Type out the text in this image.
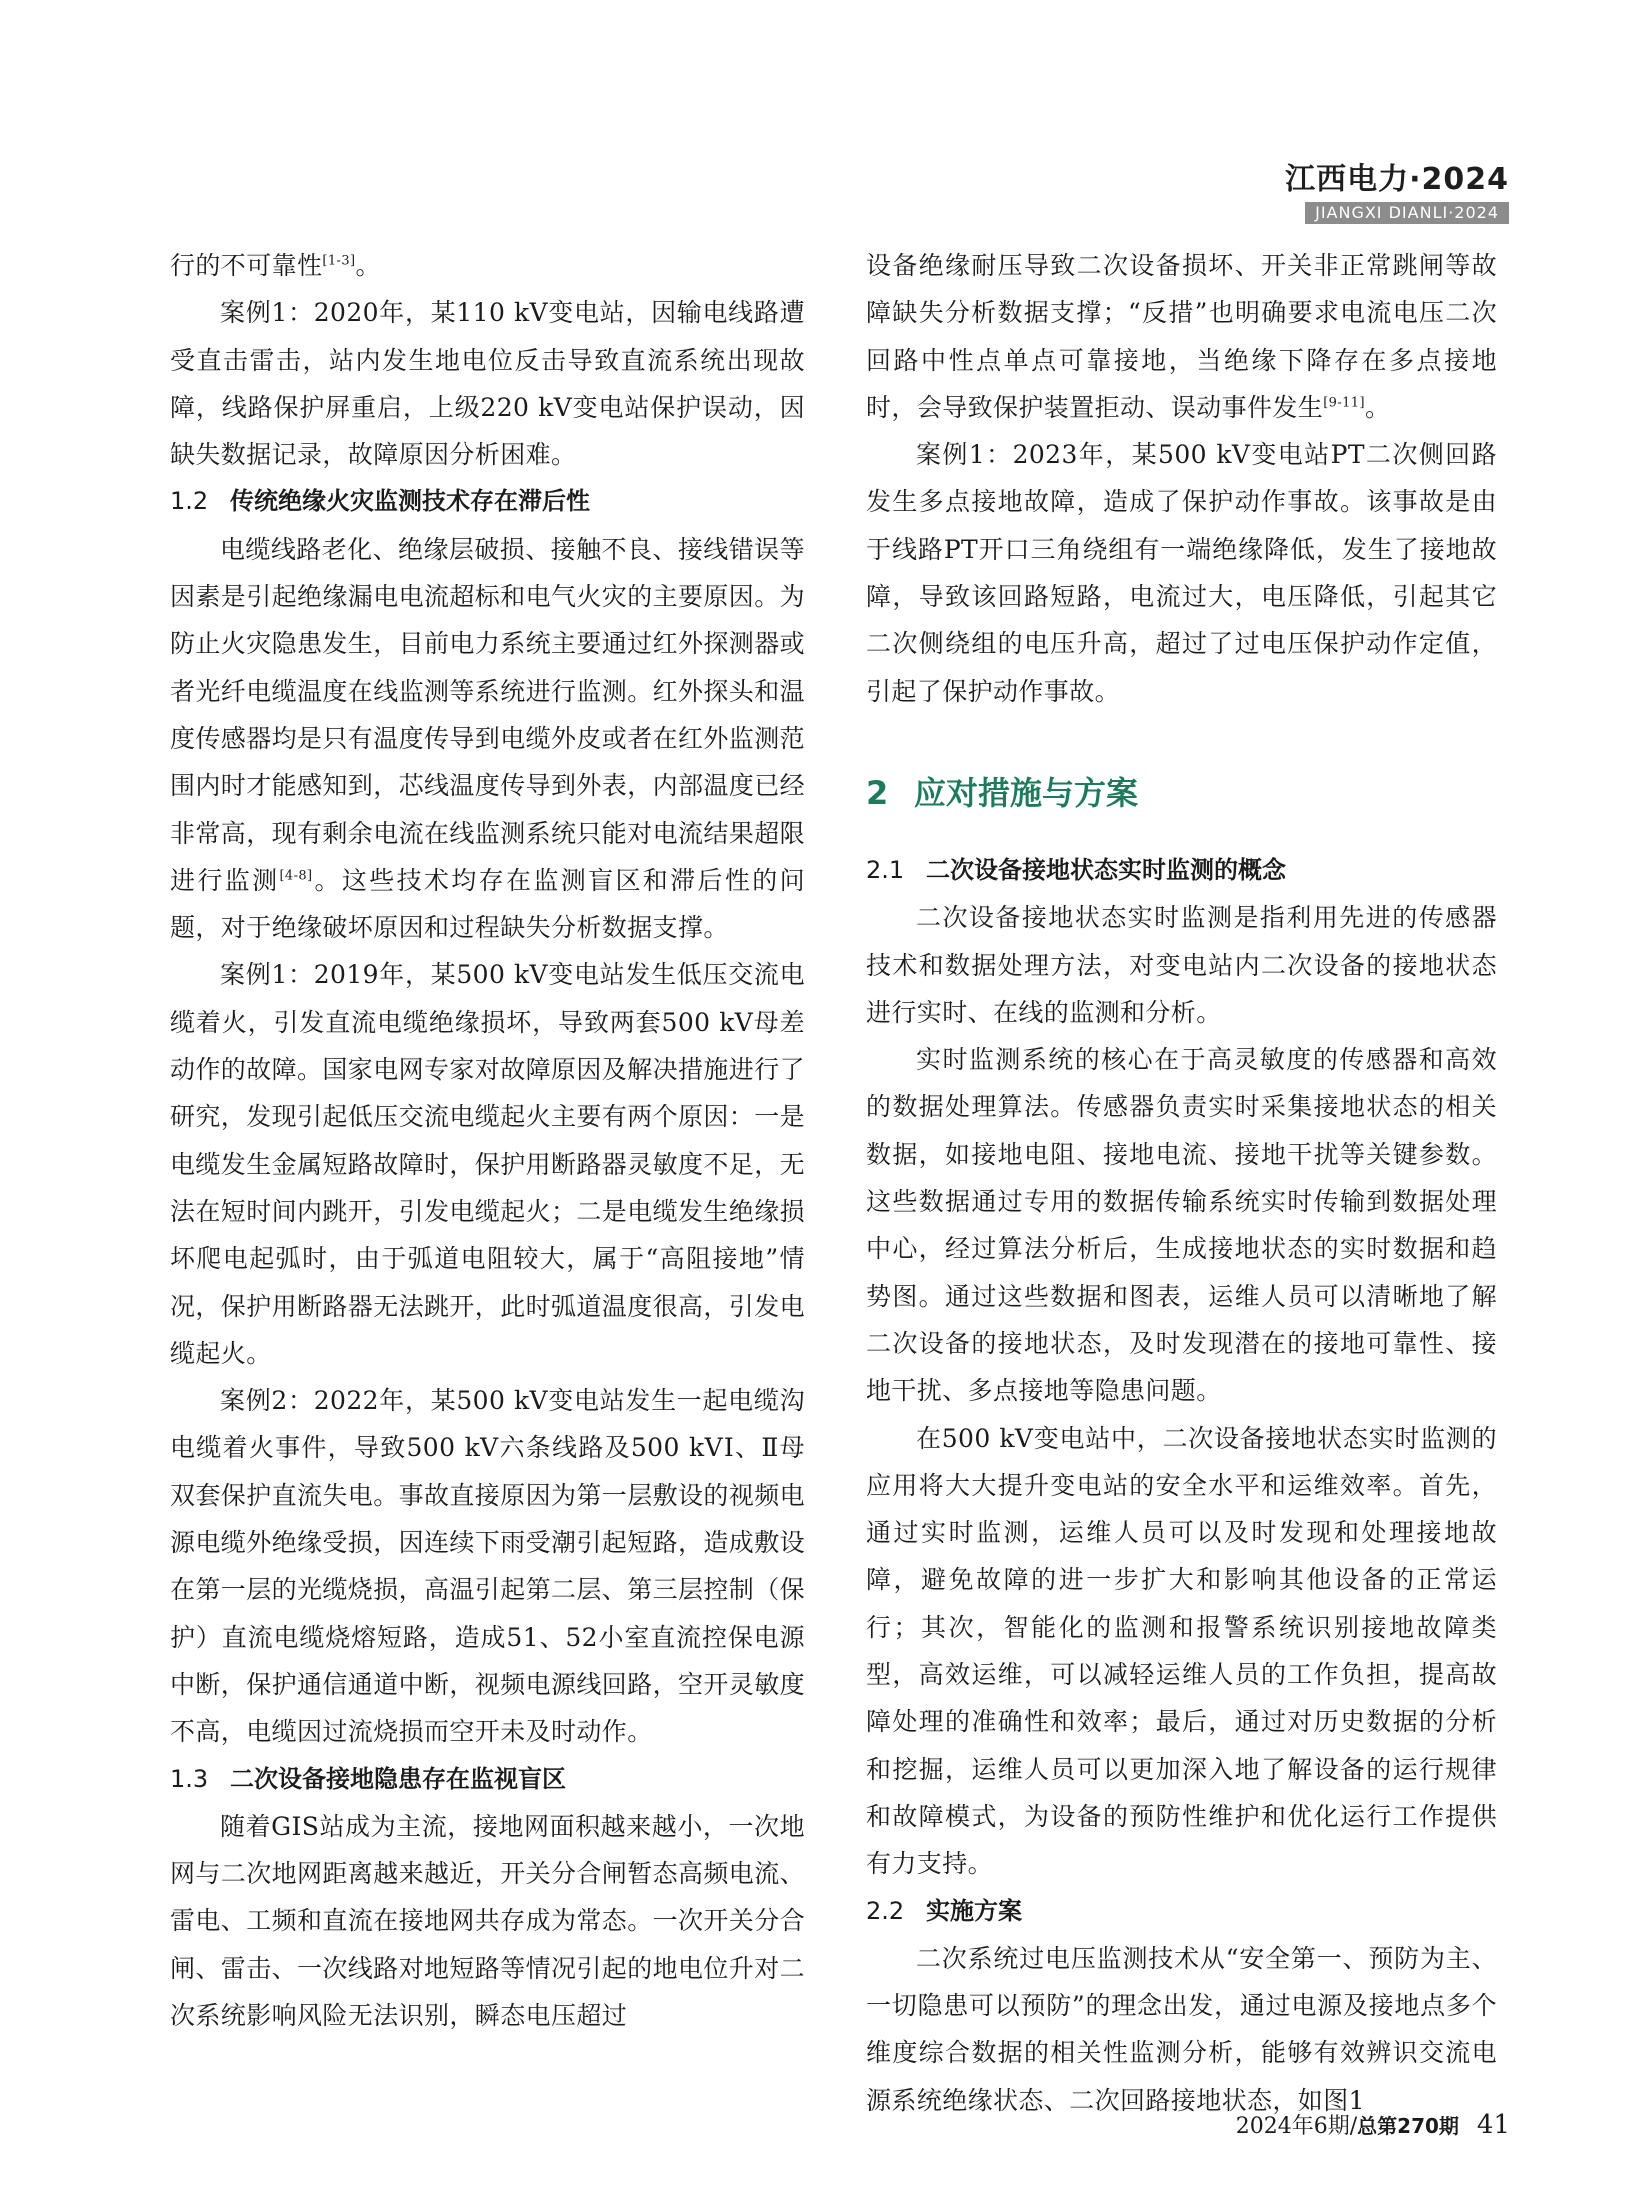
江西电力·2024
JIANGXI DIANLI·2024

行的不可靠性[1-3]。

案例1：2020年，某110 kV变电站，因输电线路遭受直击雷击，站内发生地电位反击导致直流系统出现故障，线路保护屏重启，上级220 kV变电站保护误动，因缺失数据记录，故障原因分析困难。

1.2 传统绝缘火灾监测技术存在滞后性

电缆线路老化、绝缘层破损、接触不良、接线错误等因素是引起绝缘漏电电流超标和电气火灾的主要原因。为防止火灾隐患发生，目前电力系统主要通过红外探测器或者光纤电缆温度在线监测等系统进行监测。红外探头和温度传感器均是只有温度传导到电缆外皮或者在红外监测范围内时才能感知到，芯线温度传导到外表，内部温度已经非常高，现有剩余电流在线监测系统只能对电流结果超限进行监测[4-8]。这些技术均存在监测盲区和滞后性的问题，对于绝缘破坏原因和过程缺失分析数据支撑。

案例1：2019年，某500 kV变电站发生低压交流电缆着火，引发直流电缆绝缘损坏，导致两套500 kV母差动作的故障。国家电网专家对故障原因及解决措施进行了研究，发现引起低压交流电缆起火主要有两个原因：一是电缆发生金属短路故障时，保护用断路器灵敏度不足，无法在短时间内跳开，引发电缆起火；二是电缆发生绝缘损坏爬电起弧时，由于弧道电阻较大，属于“高阻接地”情况，保护用断路器无法跳开，此时弧道温度很高，引发电缆起火。

案例2：2022年，某500 kV变电站发生一起电缆沟电缆着火事件，导致500 kV六条线路及500 kVⅠ、Ⅱ母双套保护直流失电。事故直接原因为第一层敷设的视频电源电缆外绝缘受损，因连续下雨受潮引起短路，造成敷设在第一层的光缆烧损，高温引起第二层、第三层控制（保护）直流电缆烧熔短路，造成51、52小室直流控保电源中断，保护通信通道中断，视频电源线回路，空开灵敏度不高，电缆因过流烧损而空开未及时动作。

1.3 二次设备接地隐患存在监视盲区

随着GIS站成为主流，接地网面积越来越小，一次地网与二次地网距离越来越近，开关分合闸暂态高频电流、雷电、工频和直流在接地网共存成为常态。一次开关分合闸、雷击、一次线路对地短路等情况引起的地电位升对二次系统影响风险无法识别，瞬态电压超过

设备绝缘耐压导致二次设备损坏、开关非正常跳闸等故障缺失分析数据支撑；“反措”也明确要求电流电压二次回路中性点单点可靠接地，当绝缘下降存在多点接地时，会导致保护装置拒动、误动事件发生[9-11]。

案例1：2023年，某500 kV变电站PT二次侧回路发生多点接地故障，造成了保护动作事故。该事故是由于线路PT开口三角绕组有一端绝缘降低，发生了接地故障，导致该回路短路，电流过大，电压降低，引起其它二次侧绕组的电压升高，超过了过电压保护动作定值，引起了保护动作事故。

2 应对措施与方案
2.1 二次设备接地状态实时监测的概念

二次设备接地状态实时监测是指利用先进的传感器技术和数据处理方法，对变电站内二次设备的接地状态进行实时、在线的监测和分析。

实时监测系统的核心在于高灵敏度的传感器和高效的数据处理算法。传感器负责实时采集接地状态的相关数据，如接地电阻、接地电流、接地干扰等关键参数。这些数据通过专用的数据传输系统实时传输到数据处理中心，经过算法分析后，生成接地状态的实时数据和趋势图。通过这些数据和图表，运维人员可以清晰地了解二次设备的接地状态，及时发现潜在的接地可靠性、接地干扰、多点接地等隐患问题。

在500 kV变电站中，二次设备接地状态实时监测的应用将大大提升变电站的安全水平和运维效率。首先，通过实时监测，运维人员可以及时发现和处理接地故障，避免故障的进一步扩大和影响其他设备的正常运行；其次，智能化的监测和报警系统识别接地故障类型，高效运维，可以减轻运维人员的工作负担，提高故障处理的准确性和效率；最后，通过对历史数据的分析和挖掘，运维人员可以更加深入地了解设备的运行规律和故障模式，为设备的预防性维护和优化运行工作提供有力支持。

2.2 实施方案

二次系统过电压监测技术从“安全第一、预防为主、一切隐患可以预防”的理念出发，通过电源及接地点多个维度综合数据的相关性监测分析，能够有效辨识交流电源系统绝缘状态、二次回路接地状态，如图1

2024年6期/总第270期 41
